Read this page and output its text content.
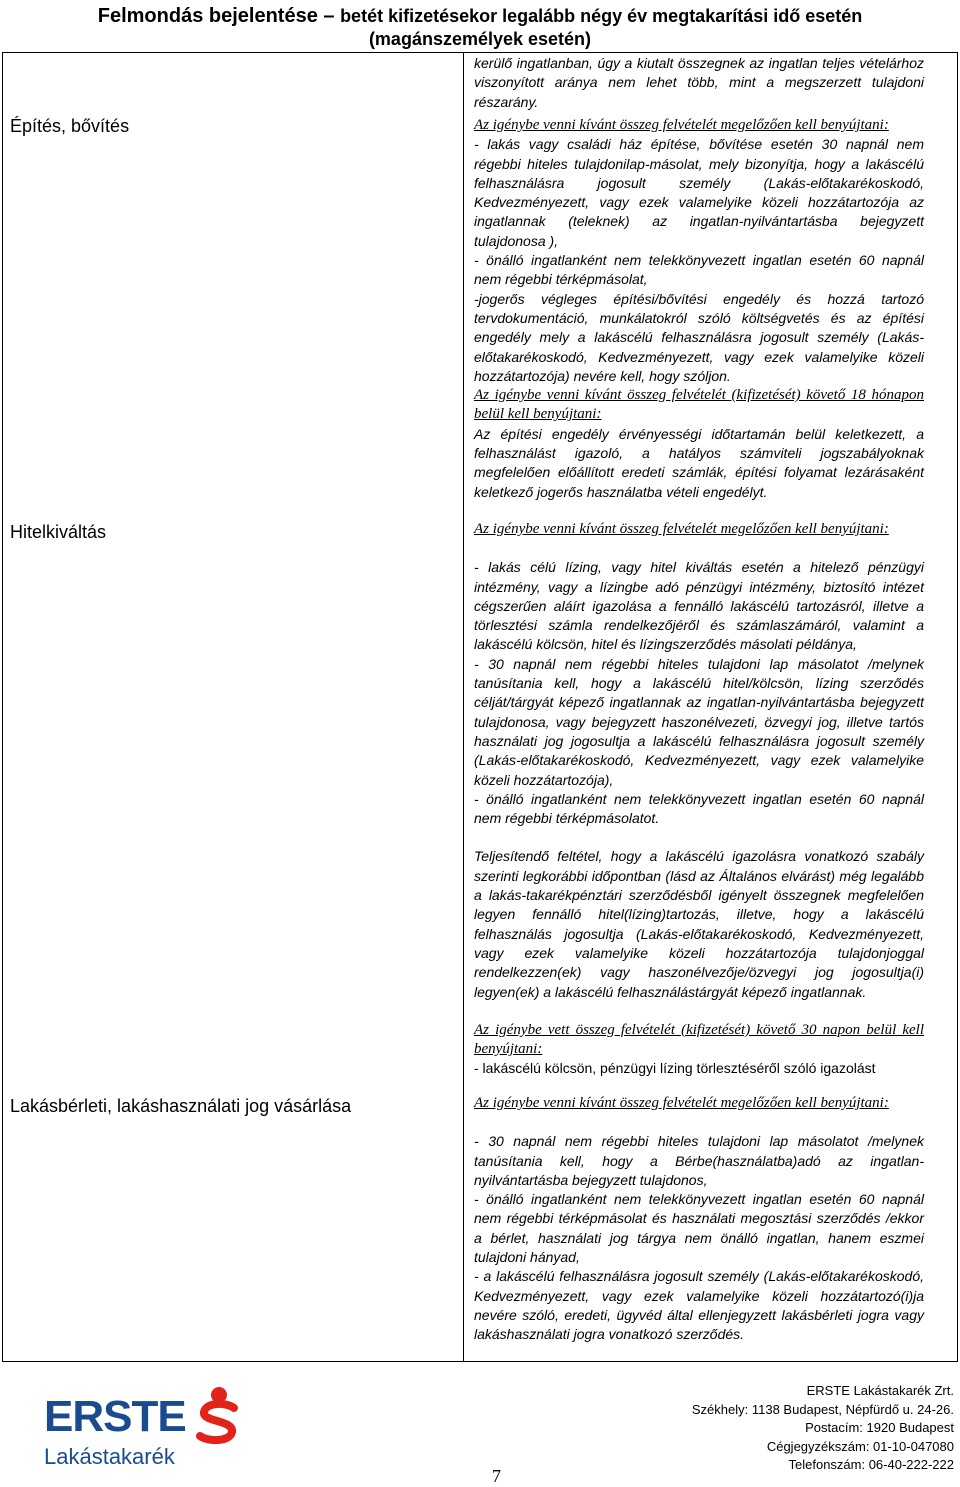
Felmondás bejelentése – betét kifizetésekor legalább négy év megtakarítási idő esetén
(magánszemélyek esetén)
kerülő ingatlanban, úgy a kiutalt összegnek az ingatlan teljes vételárhoz viszonyított aránya nem lehet több, mint a megszerzett tulajdoni részarány.
Építés, bővítés	Az igénybe venni kívánt összeg felvételét megelőzően kell benyújtani:

- lakás vagy családi ház építése, bővítése esetén 30 napnál nem régebbi hiteles tulajdonilap-másolat, mely bizonyítja, hogy a lakáscélú felhasználásra jogosult személy (Lakás-előtakarékoskodó, Kedvezményezett, vagy ezek valamelyike közeli hozzátartozója az ingatlannak (teleknek) az ingatlan-nyilvántartásba bejegyzett tulajdonosa ),

- önálló ingatlanként nem telekkönyvezett ingatlan esetén 60 napnál nem régebbi térképmásolat,

-jogerős végleges építési/bővítési engedély és hozzá tartozó tervdokumentáció, munkálatokról szóló költségvetés és az építési engedély mely a lakáscélú felhasználásra jogosult személy (Lakás-előtakarékoskodó, Kedvezményezett, vagy ezek valamelyike közeli hozzátartozója) nevére kell, hogy szóljon.

Az igénybe venni kívánt összeg felvételét (kifizetését) követő 18 hónapon belül kell benyújtani:

Az építési engedély érvényességi időtartamán belül keletkezett, a felhasználást igazoló, a hatályos számviteli jogszabályoknak megfelelően előállított eredeti számlák, építési folyamat lezárásaként keletkező jogerős használatba vételi engedélyt.

Hitelkiváltás	Az igénybe venni kívánt összeg felvételét megelőzően kell benyújtani:

- lakás célú lízing, vagy hitel kiváltás esetén a hitelező pénzügyi intézmény, vagy a lízingbe adó pénzügyi intézmény, biztosító intézet cégszerűen aláírt igazolása a fennálló lakáscélú tartozásról, illetve a törlesztési számla rendelkezőjéről és számlaszámáról, valamint a lakáscélú kölcsön, hitel és lízingszerződés másolati példánya,

- 30 napnál nem régebbi hiteles tulajdoni lap másolatot /melynek tanúsítania kell, hogy a lakáscélú hitel/kölcsön, lízing szerződés célját/tárgyát képező ingatlannak az ingatlan-nyilvántartásba bejegyzett tulajdonosa, vagy bejegyzett haszonélvezeti, özvegyi jog, illetve tartós használati jog jogosultja a lakáscélú felhasználásra jogosult személy (Lakás-előtakarékoskodó, Kedvezményezett, vagy ezek valamelyike közeli hozzátartozója),

- önálló ingatlanként nem telekkönyvezett ingatlan esetén 60 napnál nem régebbi térképmásolatot.

Teljesítendő feltétel, hogy a lakáscélú igazolásra vonatkozó szabály szerinti legkorábbi időpontban (lásd az Általános elvárást) még legalább a lakás-takarékpénztári szerződésből igényelt összegnek megfelelően legyen fennálló hitel(lízing)tartozás, illetve, hogy a lakáscélú felhasználás jogosultja (Lakás-előtakarékoskodó, Kedvezményezett, vagy ezek valamelyike közeli hozzátartozója tulajdonjoggal rendelkezzen(ek) vagy haszonélvezője/özvegyi jog jogosultja(i) legyen(ek) a lakáscélú felhasználástárgyát képező ingatlannak.

Az igénybe vett összeg felvételét (kifizetését) követő 30 napon belül kell benyújtani:

- lakáscélú kölcsön, pénzügyi lízing törlesztéséről szóló igazolást

Lakásbérleti, lakáshasználati jog vásárlása	Az igénybe venni kívánt összeg felvételét megelőzően kell benyújtani:

- 30 napnál nem régebbi hiteles tulajdoni lap másolatot /melynek tanúsítania kell, hogy a Bérbe(használatba)adó az ingatlan-nyilvántartásba bejegyzett tulajdonos,

- önálló ingatlanként nem telekkönyvezett ingatlan esetén 60 napnál nem régebbi térképmásolat és használati megosztási szerződés /ekkor a bérlet, használati jog tárgya nem önálló ingatlan, hanem eszmei tulajdoni hányad,

- a lakáscélú felhasználásra jogosult személy (Lakás-előtakarékoskodó, Kedvezményezett, vagy ezek valamelyike közeli hozzátartozó(i)ja nevére szóló, eredeti, ügyvéd által ellenjegyzett lakásbérleti jogra vagy lakáshasználati jogra vonatkozó szerződés.

ERSTE
Lakástakarék
7
ERSTE Lakástakarék Zrt.
Székhely: 1138 Budapest, Népfürdő u. 24-26.
Postacím: 1920 Budapest
Cégjegyzékszám: 01-10-047080
Telefonszám: 06-40-222-222
